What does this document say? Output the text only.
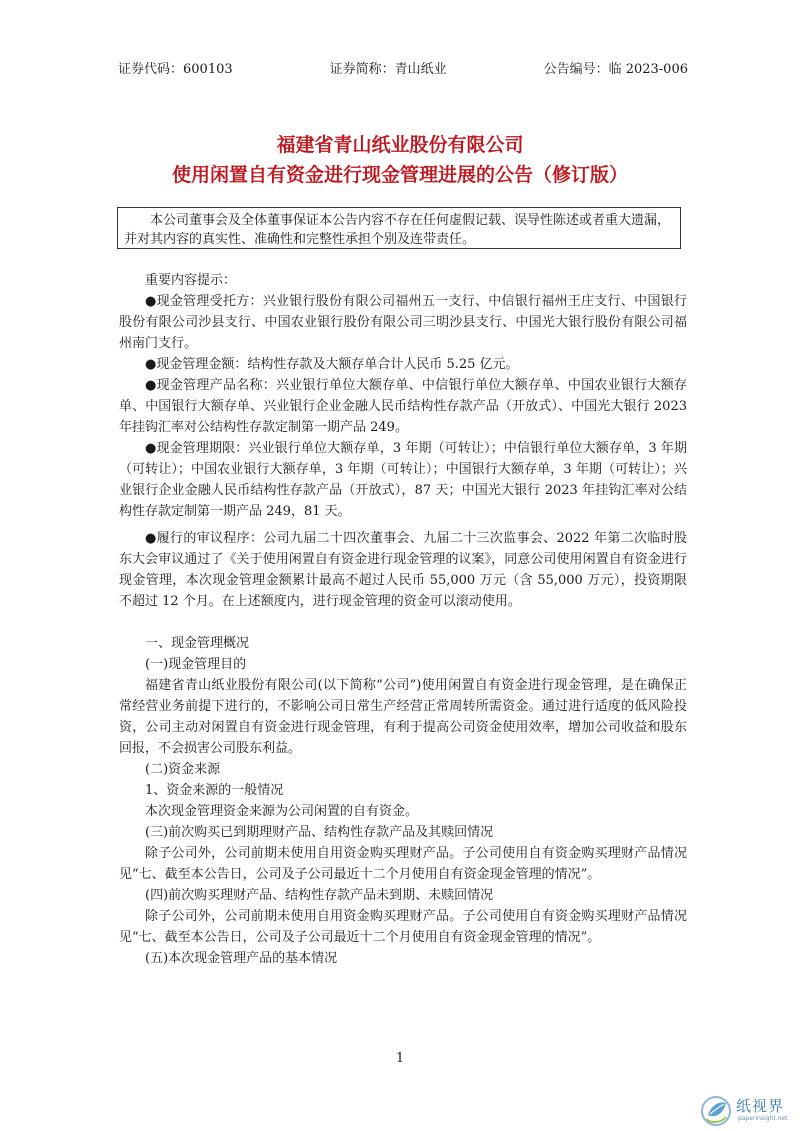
证券代码：600103	证券简称：青山纸业	公告编号：临 2023-006
福建省青山纸业股份有限公司
使用闲置自有资金进行现金管理进展的公告（修订版）
本公司董事会及全体董事保证本公告内容不存在任何虚假记载、误导性陈述或者重大遗漏，并对其内容的真实性、准确性和完整性承担个别及连带责任。

重要内容提示：

●现金管理受托方：兴业银行股份有限公司福州五一支行、中信银行福州王庄支行、中国银行股份有限公司沙县支行、中国农业银行股份有限公司三明沙县支行、中国光大银行股份有限公司福州南门支行。

●现金管理金额：结构性存款及大额存单合计人民币 5.25 亿元。

●现金管理产品名称：兴业银行单位大额存单、中信银行单位大额存单、中国农业银行大额存单、中国银行大额存单、兴业银行企业金融人民币结构性存款产品（开放式）、中国光大银行 2023 年挂钩汇率对公结构性存款定制第一期产品 249。

●现金管理期限：兴业银行单位大额存单，3 年期（可转让）；中信银行单位大额存单，3 年期（可转让）；中国农业银行大额存单，3 年期（可转让）；中国银行大额存单，3 年期（可转让）；兴业银行企业金融人民币结构性存款产品（开放式），87 天；中国光大银行 2023 年挂钩汇率对公结构性存款定制第一期产品 249，81 天。

●履行的审议程序：公司九届二十四次董事会、九届二十三次监事会、2022 年第二次临时股东大会审议通过了《关于使用闲置自有资金进行现金管理的议案》，同意公司使用闲置自有资金进行现金管理，本次现金管理金额累计最高不超过人民币 55,000 万元（含 55,000 万元），投资期限不超过 12 个月。在上述额度内，进行现金管理的资金可以滚动使用。

一、现金管理概况

(一)现金管理目的

福建省青山纸业股份有限公司(以下简称“公司”)使用闲置自有资金进行现金管理，是在确保正常经营业务前提下进行的，不影响公司日常生产经营正常周转所需资金。通过进行适度的低风险投资，公司主动对闲置自有资金进行现金管理，有利于提高公司资金使用效率，增加公司收益和股东回报，不会损害公司股东利益。

(二)资金来源

1、资金来源的一般情况

本次现金管理资金来源为公司闲置的自有资金。

(三)前次购买已到期理财产品、结构性存款产品及其赎回情况

除子公司外，公司前期未使用自用资金购买理财产品。子公司使用自有资金购买理财产品情况见“七、截至本公告日，公司及子公司最近十二个月使用自有资金现金管理的情况”。

(四)前次购买理财产品、结构性存款产品未到期、未赎回情况

除子公司外，公司前期未使用自用资金购买理财产品。子公司使用自有资金购买理财产品情况见“七、截至本公告日，公司及子公司最近十二个月使用自有资金现金管理的情况”。

(五)本次现金管理产品的基本情况

1
纸视界
paperinsight.net
